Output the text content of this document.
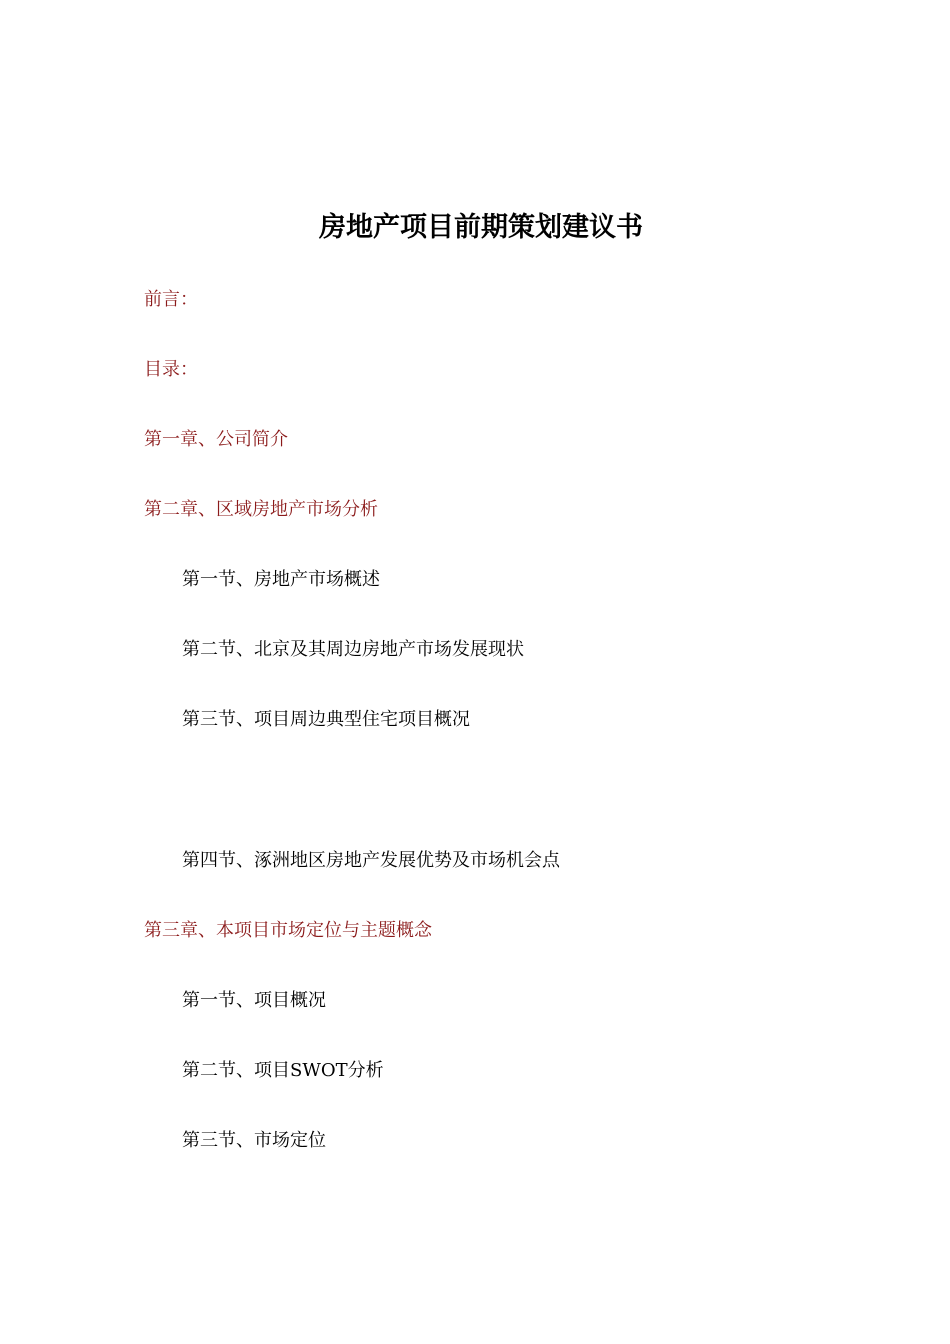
房地产项目前期策划建议书
前言：
目录：
第一章、公司简介
第二章、区域房地产市场分析
第一节、房地产市场概述
第二节、北京及其周边房地产市场发展现状
第三节、项目周边典型住宅项目概况
第四节、涿洲地区房地产发展优势及市场机会点
第三章、本项目市场定位与主题概念
第一节、项目概况
第二节、项目SWOT分析
第三节、市场定位
